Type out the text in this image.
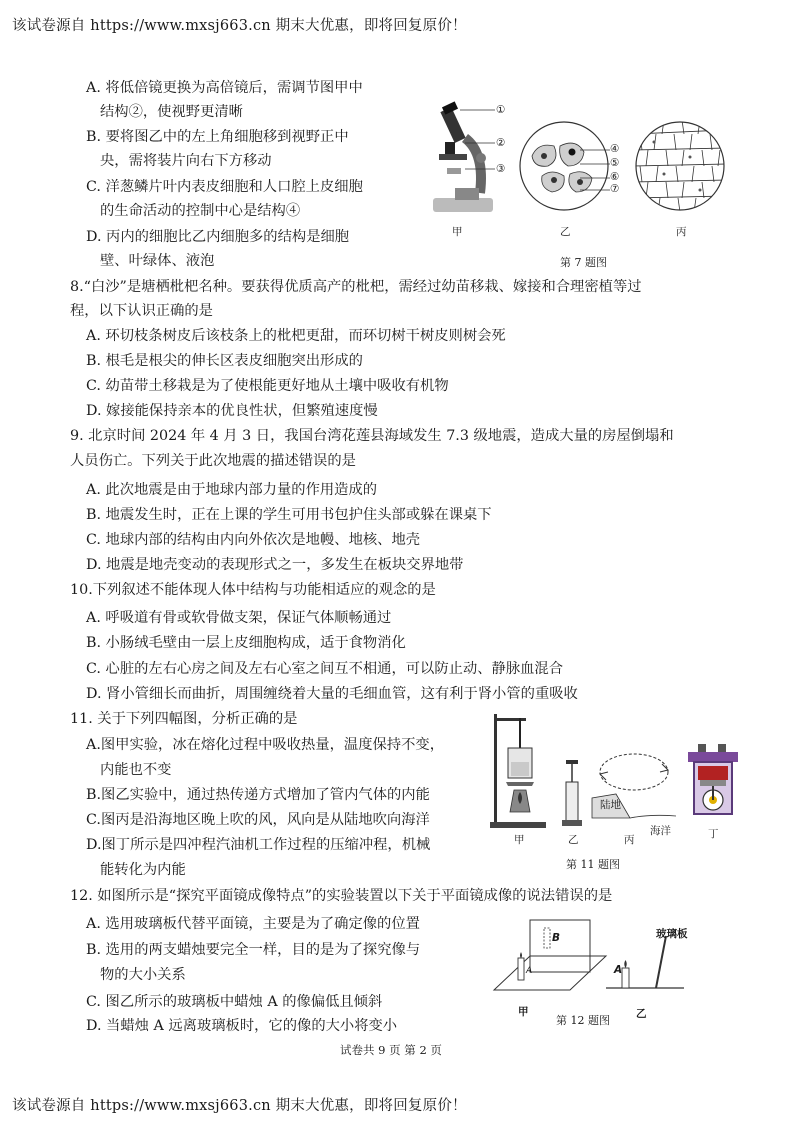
该试卷源自 https://www.mxsj663.cn 期末大优惠，即将回复原价！
A. 将低倍镜更换为高倍镜后，需调节图甲中
结构②，使视野更清晰
B. 要将图乙中的左上角细胞移到视野正中
央，需将装片向右下方移动
C. 洋葱鳞片叶内表皮细胞和人口腔上皮细胞
的生命活动的控制中心是结构④
D. 丙内的细胞比乙内细胞多的结构是细胞
壁、叶绿体、液泡
①
②
③
④
⑤
⑥
⑦
甲	乙	丙
第 7 题图
8.“白沙”是塘栖枇杷名种。要获得优质高产的枇杷，需经过幼苗移栽、嫁接和合理密植等过
程，以下认识正确的是
A. 环切枝条树皮后该枝条上的枇杷更甜，而环切树干树皮则树会死
B. 根毛是根尖的伸长区表皮细胞突出形成的
C. 幼苗带土移栽是为了使根能更好地从土壤中吸收有机物
D. 嫁接能保持亲本的优良性状，但繁殖速度慢
9. 北京时间 2024 年 4 月 3 日，我国台湾花莲县海域发生 7.3 级地震，造成大量的房屋倒塌和
人员伤亡。下列关于此次地震的描述错误的是
A. 此次地震是由于地球内部力量的作用造成的
B. 地震发生时，正在上课的学生可用书包护住头部或躲在课桌下
C. 地球内部的结构由内向外依次是地幔、地核、地壳
D. 地震是地壳变动的表现形式之一，多发生在板块交界地带
10.下列叙述不能体现人体中结构与功能相适应的观念的是
A. 呼吸道有骨或软骨做支架，保证气体顺畅通过
B. 小肠绒毛壁由一层上皮细胞构成，适于食物消化
C. 心脏的左右心房之间及左右心室之间互不相通，可以防止动、静脉血混合
D. 肾小管细长而曲折，周围缠绕着大量的毛细血管，这有利于肾小管的重吸收
11. 关于下列四幅图，分析正确的是
A.图甲实验，冰在熔化过程中吸收热量，温度保持不变，
内能也不变
B.图乙实验中，通过热传递方式增加了管内气体的内能
C.图丙是沿海地区晚上吹的风，风向是从陆地吹向海洋
D.图丁所示是四冲程汽油机工作过程的压缩冲程，机械
能转化为内能
陆地
海洋
甲	乙	丙	丁
第 11 题图
12. 如图所示是“探究平面镜成像特点”的实验装置以下关于平面镜成像的说法错误的是
A. 选用玻璃板代替平面镜，主要是为了确定像的位置
B. 选用的两支蜡烛要完全一样，目的是为了探究像与
物的大小关系
C. 图乙所示的玻璃板中蜡烛 A 的像偏低且倾斜
D. 当蜡烛 A 远离玻璃板时，它的像的大小将变小
B
A
玻璃板
A
甲	乙
第 12 题图
试卷共 9 页 第 2 页
该试卷源自 https://www.mxsj663.cn 期末大优惠，即将回复原价！
